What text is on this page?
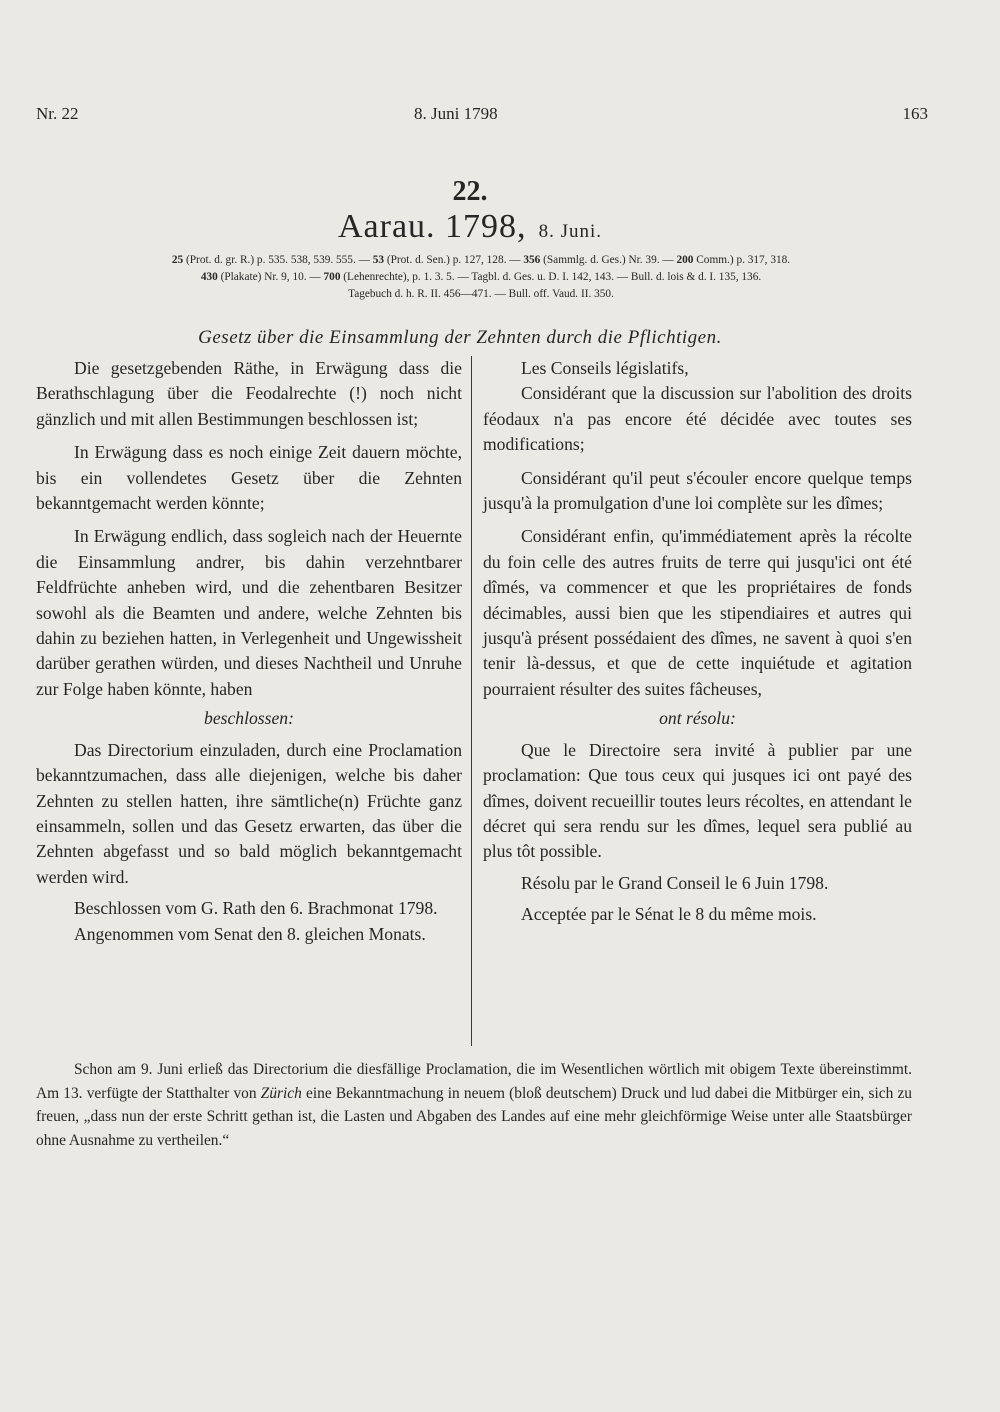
Nr. 22	8. Juni 1798	163
22.
Aarau. 1798, 8. Juni.
25 (Prot. d. gr. R.) p. 535. 538, 539. 555. — 53 (Prot. d. Sen.) p. 127, 128. — 356 (Sammlg. d. Ges.) Nr. 39. — 200 Comm.) p. 317, 318.
430 (Plakate) Nr. 9, 10. — 700 (Lehenrechte), p. 1. 3. 5. — Tagbl. d. Ges. u. D. I. 142, 143. — Bull. d. lois & d. I. 135, 136.
Tagebuch d. h. R. II. 456—471. — Bull. off. Vaud. II. 350.
Gesetz über die Einsammlung der Zehnten durch die Pflichtigen.

Die gesetzgebenden Räthe, in Erwägung dass die Berathschlagung über die Feodalrechte (!) noch nicht gänzlich und mit allen Bestimmungen beschlossen ist;

In Erwägung dass es noch einige Zeit dauern möchte, bis ein vollendetes Gesetz über die Zehnten bekanntgemacht werden könnte;

In Erwägung endlich, dass sogleich nach der Heuernte die Einsammlung andrer, bis dahin verzehntbarer Feldfrüchte anheben wird, und die zehentbaren Besitzer sowohl als die Beamten und andere, welche Zehnten bis dahin zu beziehen hatten, in Verlegenheit und Ungewissheit darüber gerathen würden, und dieses Nachtheil und Unruhe zur Folge haben könnte, haben

beschlossen:

Das Directorium einzuladen, durch eine Proclamation bekanntzumachen, dass alle diejenigen, welche bis daher Zehnten zu stellen hatten, ihre sämtliche(n) Früchte ganz einsammeln, sollen und das Gesetz erwarten, das über die Zehnten abgefasst und so bald möglich bekanntgemacht werden wird.

Beschlossen vom G. Rath den 6. Brachmonat 1798.

Angenommen vom Senat den 8. gleichen Monats.

Les Conseils législatifs,

Considérant que la discussion sur l'abolition des droits féodaux n'a pas encore été décidée avec toutes ses modifications;

Considérant qu'il peut s'écouler encore quelque temps jusqu'à la promulgation d'une loi complète sur les dîmes;

Considérant enfin, qu'immédiatement après la récolte du foin celle des autres fruits de terre qui jusqu'ici ont été dîmés, va commencer et que les propriétaires de fonds décimables, aussi bien que les stipendiaires et autres qui jusqu'à présent possédaient des dîmes, ne savent à quoi s'en tenir là-dessus, et que de cette inquiétude et agitation pourraient résulter des suites fâcheuses,

ont résolu:

Que le Directoire sera invité à publier par une proclamation: Que tous ceux qui jusques ici ont payé des dîmes, doivent recueillir toutes leurs récoltes, en attendant le décret qui sera rendu sur les dîmes, lequel sera publié au plus tôt possible.

Résolu par le Grand Conseil le 6 Juin 1798.

Acceptée par le Sénat le 8 du même mois.

Schon am 9. Juni erließ das Directorium die diesfällige Proclamation, die im Wesentlichen wörtlich mit obigem Texte übereinstimmt. Am 13. verfügte der Statthalter von Zürich eine Bekanntmachung in neuem (bloß deutschem) Druck und lud dabei die Mitbürger ein, sich zu freuen, „dass nun der erste Schritt gethan ist, die Lasten und Abgaben des Landes auf eine mehr gleichförmige Weise unter alle Staatsbürger ohne Ausnahme zu vertheilen.“
